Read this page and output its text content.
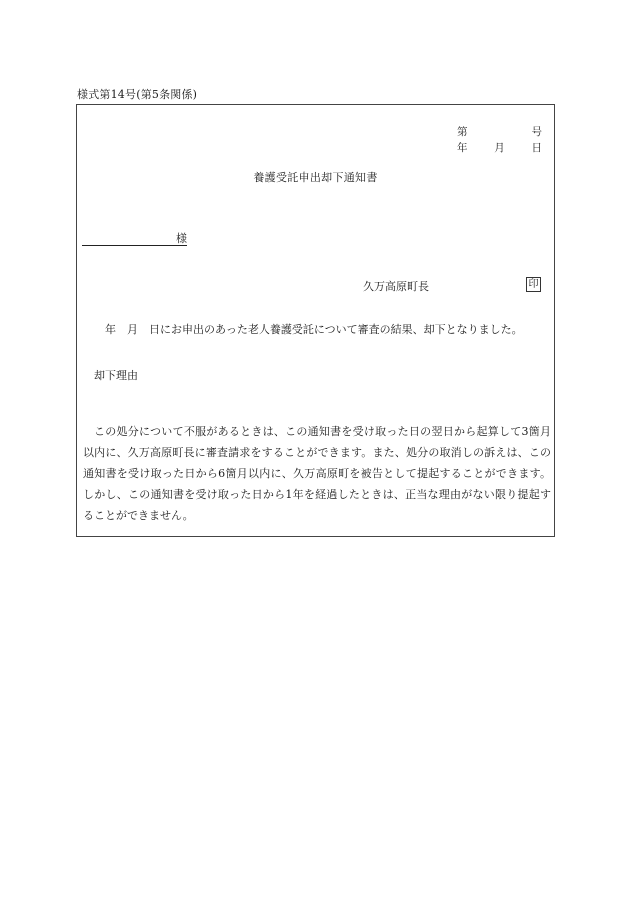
様式第14号(第5条関係)
第	号
年	月	日
養護受託申出却下通知書
様
久万高原町長	印

年　月　日にお申出のあった老人養護受託について審査の結果、却下となりました。

却下理由

この処分について不服があるときは、この通知書を受け取った日の翌日から起算して3箇月以内に、久万高原町長に審査請求をすることができます。また、処分の取消しの訴えは、この通知書を受け取った日から6箇月以内に、久万高原町を被告として提起することができます。しかし、この通知書を受け取った日から1年を経過したときは、正当な理由がない限り提起することができません。
